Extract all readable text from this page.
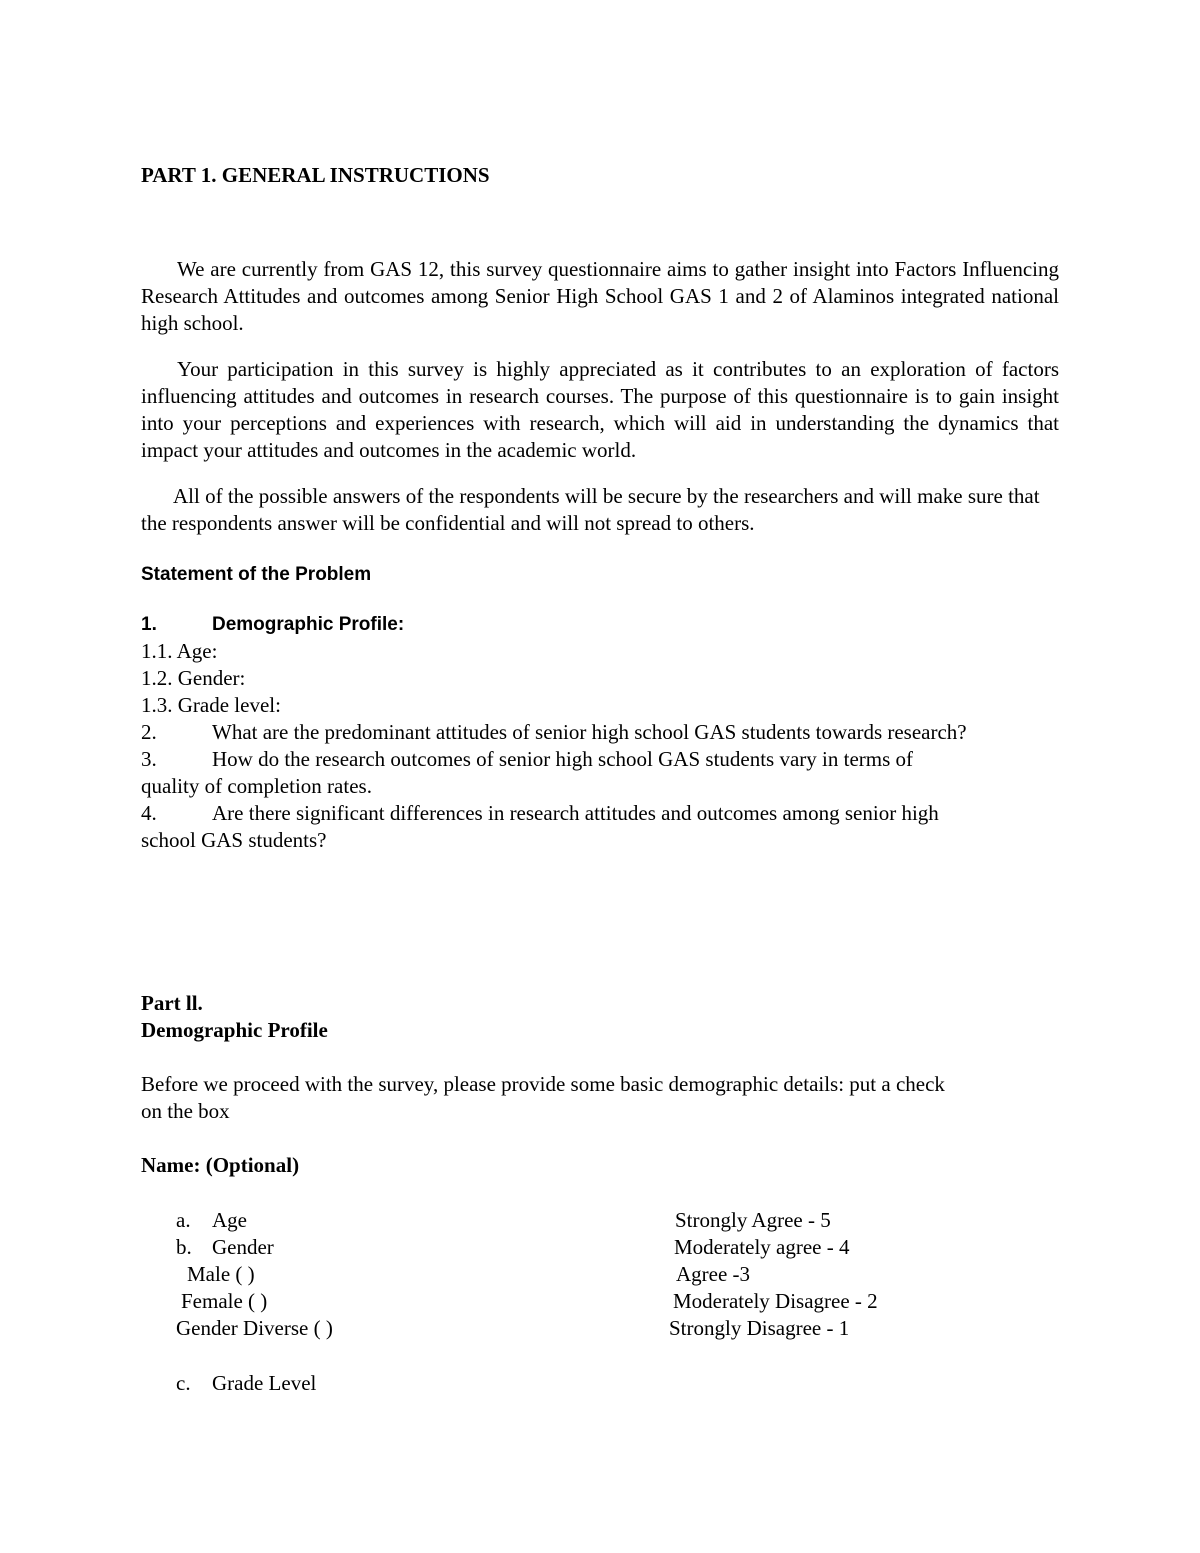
PART 1. GENERAL INSTRUCTIONS

We are currently from GAS 12, this survey questionnaire aims to gather insight into Factors Influencing Research Attitudes and outcomes among Senior High School GAS 1 and 2 of Alaminos integrated national high school.

Your participation in this survey is highly appreciated as it contributes to an exploration of factors influencing attitudes and outcomes in research courses. The purpose of this questionnaire is to gain insight into your perceptions and experiences with research, which will aid in understanding the dynamics that impact your attitudes and outcomes in the academic world.

All of the possible answers of the respondents will be secure by the researchers and will make sure that the respondents answer will be confidential and will not spread to others.

Statement of the Problem
1.	Demographic Profile:
1.1. Age:
1.2. Gender:
1.3. Grade level:
2.	What are the predominant attitudes of senior high school GAS students towards research?
3.	How do the research outcomes of senior high school GAS students vary in terms of
quality of completion rates.
4.	Are there significant differences in research attitudes and outcomes among senior high
school GAS students?
Part ll.
Demographic Profile
Before we proceed with the survey, please provide some basic demographic details: put a check
on the box
Name: (Optional)
a. Age
b. Gender
Male ( )
Female ( )
Gender Diverse ( )
c. Grade Level
Strongly Agree - 5
Moderately agree - 4
Agree -3
Moderately Disagree - 2
Strongly Disagree - 1
